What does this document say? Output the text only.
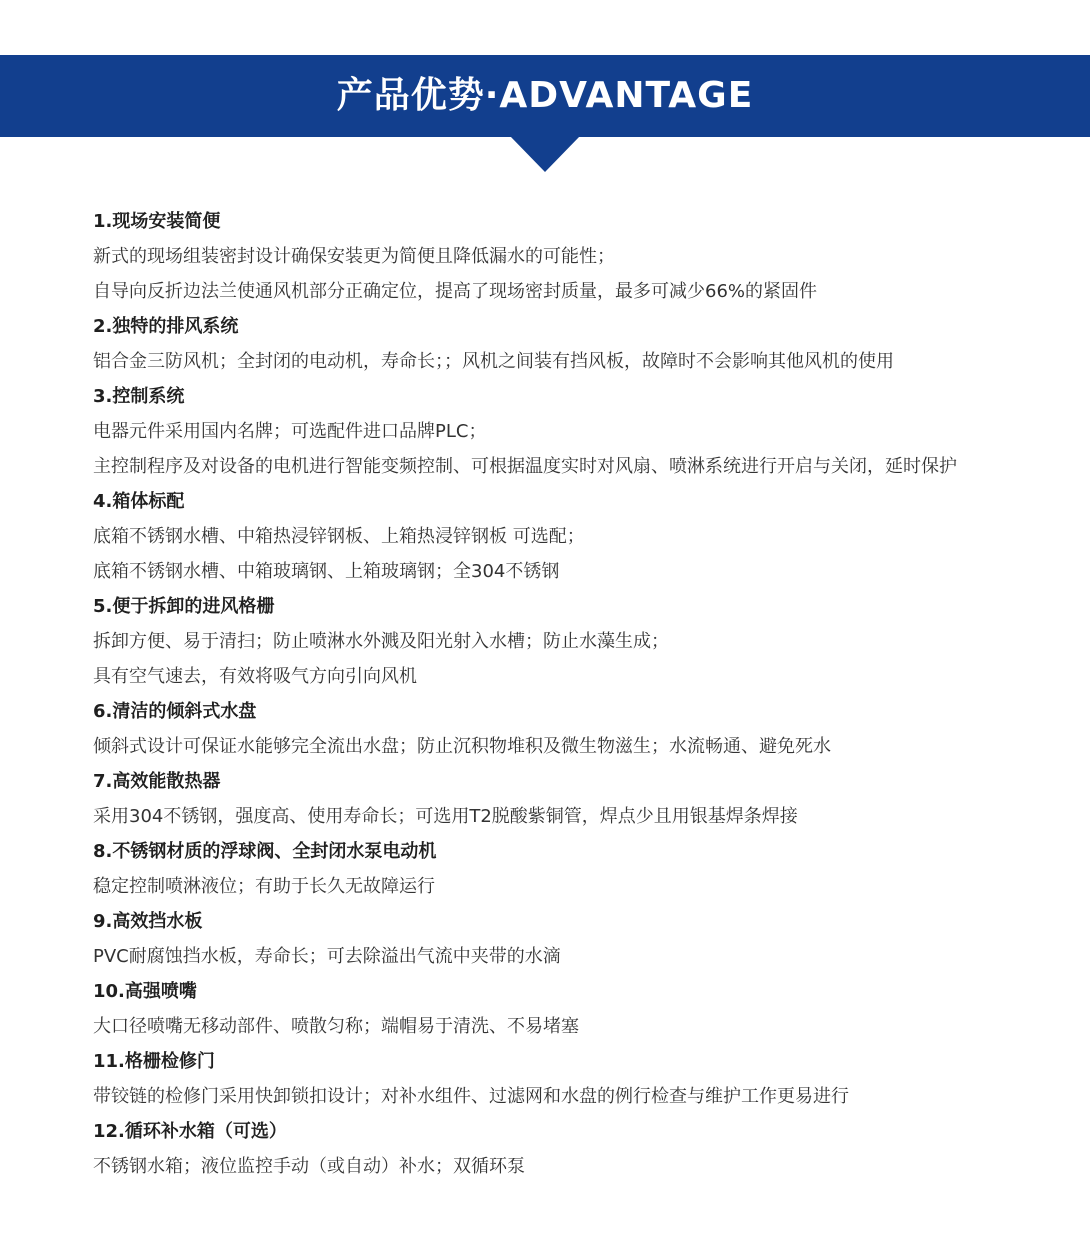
产品优势·ADVANTAGE
1.现场安装简便
新式的现场组装密封设计确保安装更为简便且降低漏水的可能性；
自导向反折边法兰使通风机部分正确定位，提高了现场密封质量，最多可减少66%的紧固件
2.独特的排风系统
铝合金三防风机；全封闭的电动机，寿命长；；风机之间装有挡风板，故障时不会影响其他风机的使用
3.控制系统
电器元件采用国内名牌；可选配件进口品牌PLC；
主控制程序及对设备的电机进行智能变频控制、可根据温度实时对风扇、喷淋系统进行开启与关闭，延时保护
4.箱体标配
底箱不锈钢水槽、中箱热浸锌钢板、上箱热浸锌钢板 可选配；
底箱不锈钢水槽、中箱玻璃钢、上箱玻璃钢；全304不锈钢
5.便于拆卸的进风格栅
拆卸方便、易于清扫；防止喷淋水外溅及阳光射入水槽；防止水藻生成；
具有空气速去，有效将吸气方向引向风机
6.清洁的倾斜式水盘
倾斜式设计可保证水能够完全流出水盘；防止沉积物堆积及微生物滋生；水流畅通、避免死水
7.高效能散热器
采用304不锈钢，强度高、使用寿命长；可选用T2脱酸紫铜管，焊点少且用银基焊条焊接
8.不锈钢材质的浮球阀、全封闭水泵电动机
稳定控制喷淋液位；有助于长久无故障运行
9.高效挡水板
PVC耐腐蚀挡水板，寿命长；可去除溢出气流中夹带的水滴
10.高强喷嘴
大口径喷嘴无移动部件、喷散匀称；端帽易于清洗、不易堵塞
11.格栅检修门
带铰链的检修门采用快卸锁扣设计；对补水组件、过滤网和水盘的例行检查与维护工作更易进行
12.循环补水箱（可选）
不锈钢水箱；液位监控手动（或自动）补水；双循环泵
